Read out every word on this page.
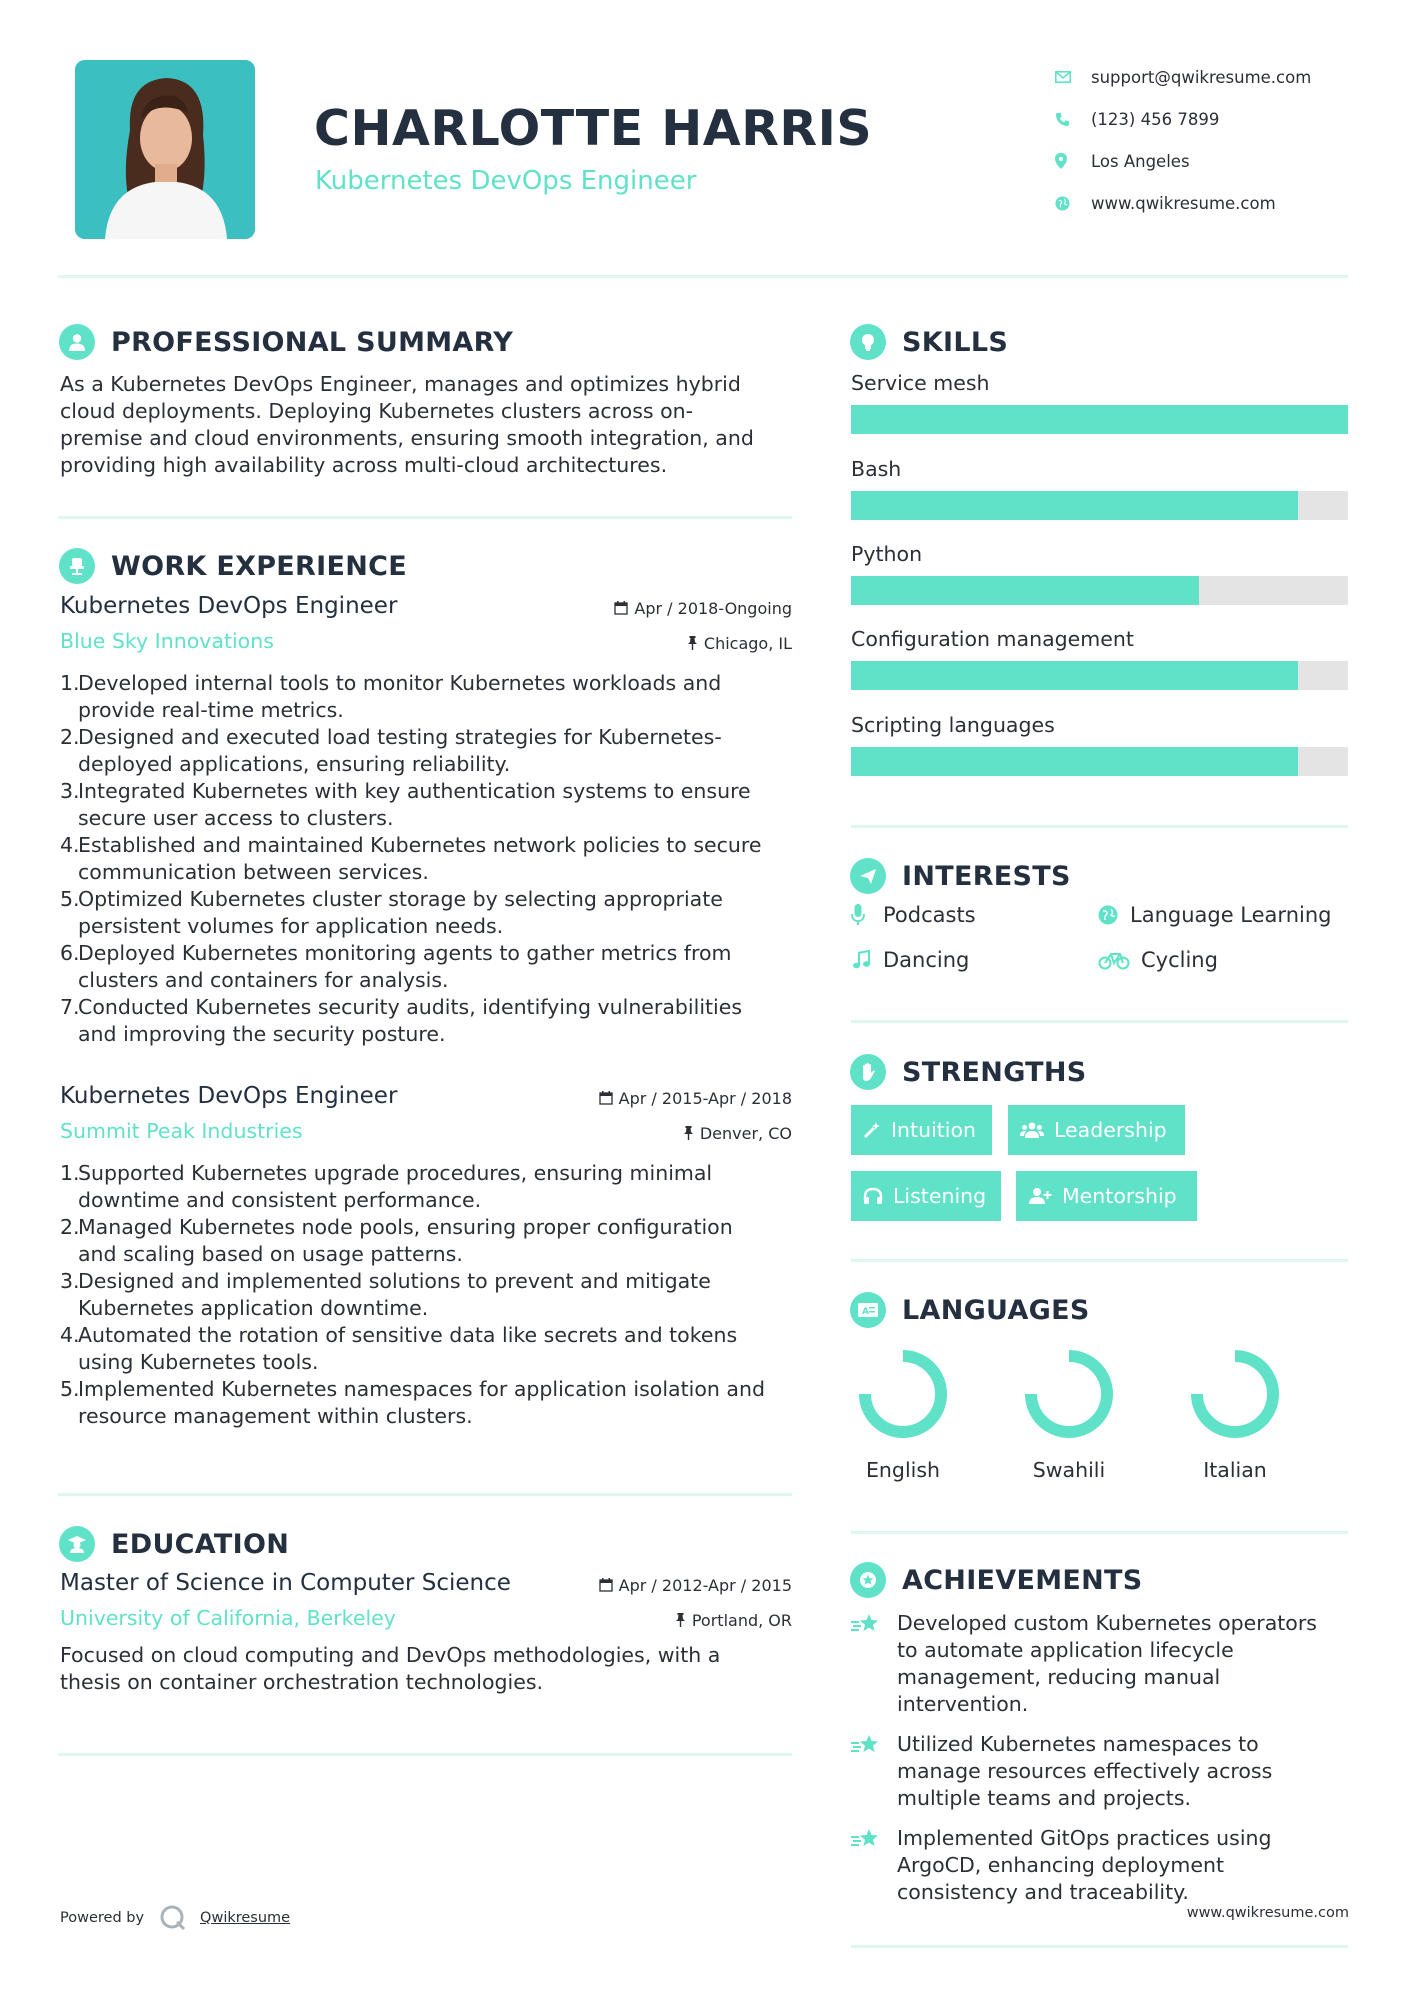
CHARLOTTE HARRIS
Kubernetes DevOps Engineer
support@qwikresume.com
(123) 456 7899
Los Angeles
www.qwikresume.com
PROFESSIONAL SUMMARY
As a Kubernetes DevOps Engineer, manages and optimizes hybrid
cloud deployments. Deploying Kubernetes clusters across on-
premise and cloud environments, ensuring smooth integration, and
providing high availability across multi-cloud architectures.
WORK EXPERIENCE
Kubernetes DevOps Engineer	Apr / 2018-Ongoing
Blue Sky Innovations	Chicago, IL
1.
Developed internal tools to monitor Kubernetes workloads and
provide real-time metrics.
2.
Designed and executed load testing strategies for Kubernetes-
deployed applications, ensuring reliability.
3.
Integrated Kubernetes with key authentication systems to ensure
secure user access to clusters.
4.
Established and maintained Kubernetes network policies to secure
communication between services.
5.
Optimized Kubernetes cluster storage by selecting appropriate
persistent volumes for application needs.
6.
Deployed Kubernetes monitoring agents to gather metrics from
clusters and containers for analysis.
7.
Conducted Kubernetes security audits, identifying vulnerabilities
and improving the security posture.
Kubernetes DevOps Engineer	Apr / 2015-Apr / 2018
Summit Peak Industries	Denver, CO
1.
Supported Kubernetes upgrade procedures, ensuring minimal
downtime and consistent performance.
2.
Managed Kubernetes node pools, ensuring proper configuration
and scaling based on usage patterns.
3.
Designed and implemented solutions to prevent and mitigate
Kubernetes application downtime.
4.
Automated the rotation of sensitive data like secrets and tokens
using Kubernetes tools.
5.
Implemented Kubernetes namespaces for application isolation and
resource management within clusters.
EDUCATION
Master of Science in Computer Science	Apr / 2012-Apr / 2015
University of California, Berkeley	Portland, OR
Focused on cloud computing and DevOps methodologies, with a
thesis on container orchestration technologies.
SKILLS
Service mesh
Bash
Python
Configuration management
Scripting languages
INTERESTS
Podcasts	Language Learning
Dancing	Cycling
STRENGTHS
Intuition	Leadership
Listening	Mentorship
A LANGUAGES
English	Swahili	Italian
ACHIEVEMENTS
Developed custom Kubernetes operators
to automate application lifecycle
management, reducing manual
intervention.
Utilized Kubernetes namespaces to
manage resources effectively across
multiple teams and projects.
Implemented GitOps practices using
ArgoCD, enhancing deployment
consistency and traceability.
Powered by	Qwikresume	www.qwikresume.com
